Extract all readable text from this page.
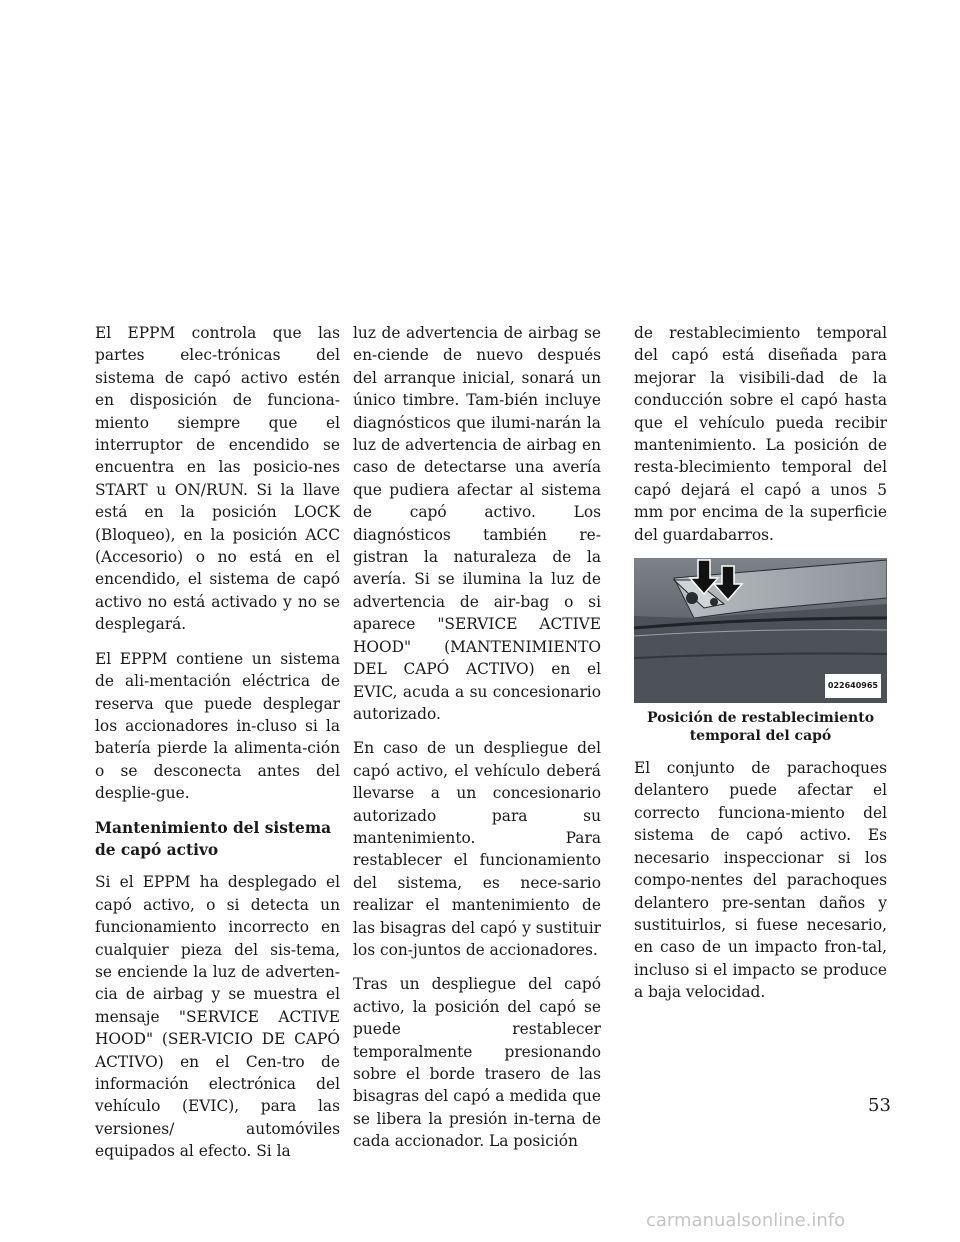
El EPPM controla que las partes elec-trónicas del sistema de capó activo estén en disposición de funciona-miento siempre que el interruptor de encendido se encuentra en las posicio-nes START u ON/RUN. Si la llave está en la posición LOCK (Bloqueo), en la posición ACC (Accesorio) o no está en el encendido, el sistema de capó activo no está activado y no se desplegará.

El EPPM contiene un sistema de ali-mentación eléctrica de reserva que puede desplegar los accionadores in-cluso si la batería pierde la alimenta-ción o se desconecta antes del desplie-gue.

Mantenimiento del sistema de capó activo

Si el EPPM ha desplegado el capó activo, o si detecta un funcionamiento incorrecto en cualquier pieza del sis-tema, se enciende la luz de adverten-cia de airbag y se muestra el mensaje "SERVICE ACTIVE HOOD" (SER-VICIO DE CAPÓ ACTIVO) en el Cen-tro de información electrónica del vehículo (EVIC), para las versiones/ automóviles equipados al efecto. Si la

luz de advertencia de airbag se en-ciende de nuevo después del arranque inicial, sonará un único timbre. Tam-bién incluye diagnósticos que ilumi-narán la luz de advertencia de airbag en caso de detectarse una avería que pudiera afectar al sistema de capó activo. Los diagnósticos también re-gistran la naturaleza de la avería. Si se ilumina la luz de advertencia de air-bag o si aparece "SERVICE ACTIVE HOOD" (MANTENIMIENTO DEL CAPÓ ACTIVO) en el EVIC, acuda a su concesionario autorizado.

En caso de un despliegue del capó activo, el vehículo deberá llevarse a un concesionario autorizado para su mantenimiento. Para restablecer el funcionamiento del sistema, es nece-sario realizar el mantenimiento de las bisagras del capó y sustituir los con-juntos de accionadores.

Tras un despliegue del capó activo, la posición del capó se puede restablecer temporalmente presionando sobre el borde trasero de las bisagras del capó a medida que se libera la presión in-terna de cada accionador. La posición

de restablecimiento temporal del capó está diseñada para mejorar la visibili-dad de la conducción sobre el capó hasta que el vehículo pueda recibir mantenimiento. La posición de resta-blecimiento temporal del capó dejará el capó a unos 5 mm por encima de la superficie del guardabarros.

022640965
Posición de restablecimiento temporal del capó

El conjunto de parachoques delantero puede afectar el correcto funciona-miento del sistema de capó activo. Es necesario inspeccionar si los compo-nentes del parachoques delantero pre-sentan daños y sustituirlos, si fuese necesario, en caso de un impacto fron-tal, incluso si el impacto se produce a baja velocidad.

53
carmanualsonline.info
